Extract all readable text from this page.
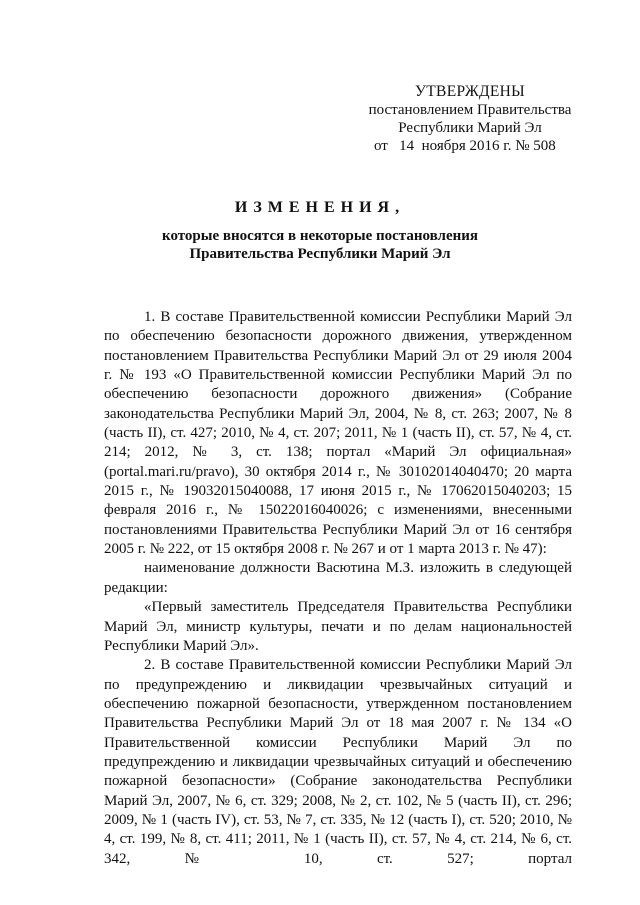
УТВЕРЖДЕНЫ
постановлением Правительства
Республики Марий Эл
от   14  ноября 2016 г. № 508
ИЗМЕНЕНИЯ,
которые вносятся в некоторые постановления
Правительства Республики Марий Эл

1. В составе Правительственной комиссии Республики Марий Эл по обеспечению безопасности дорожного движения, утвержденном постановлением Правительства Республики Марий Эл от 29 июля 2004 г. № 193 «О Правительственной комиссии Республики Марий Эл по обеспечению безопасности дорожного движения» (Собрание законодательства Республики Марий Эл, 2004, № 8, ст. 263; 2007, № 8 (часть II), ст. 427; 2010, № 4, ст. 207; 2011, № 1 (часть II), ст. 57, № 4, ст. 214; 2012, № 3, ст. 138; портал «Марий Эл официальная» (portal.mari.ru/pravo), 30 октября 2014 г., № 30102014040470; 20 марта 2015 г., № 19032015040088, 17 июня 2015 г., № 17062015040203; 15 февраля 2016 г., № 15022016040026; с изменениями, внесенными постановлениями Правительства Республики Марий Эл от 16 сентября 2005 г. № 222, от 15 октября 2008 г. № 267 и от 1 марта 2013 г. № 47):

наименование должности Васютина М.З. изложить в следующей редакции:

«Первый заместитель Председателя Правительства Республики Марий Эл, министр культуры, печати и по делам национальностей Республики Марий Эл».

2. В составе Правительственной комиссии Республики Марий Эл по предупреждению и ликвидации чрезвычайных ситуаций и обеспечению пожарной безопасности, утвержденном постановлением Правительства Республики Марий Эл от 18 мая 2007 г. № 134 «О Правительственной комиссии Республики Марий Эл по предупреждению и ликвидации чрезвычайных ситуаций и обеспечению пожарной безопасности» (Собрание законодательства Республики Марий Эл, 2007, № 6, ст. 329; 2008, № 2, ст. 102, № 5 (часть II), ст. 296; 2009, № 1 (часть IV), ст. 53, № 7, ст. 335, № 12 (часть I), ст. 520; 2010, № 4, ст. 199, № 8, ст. 411; 2011, № 1 (часть II), ст. 57, № 4, ст. 214, № 6, ст. 342, № 10, ст. 527; портал
